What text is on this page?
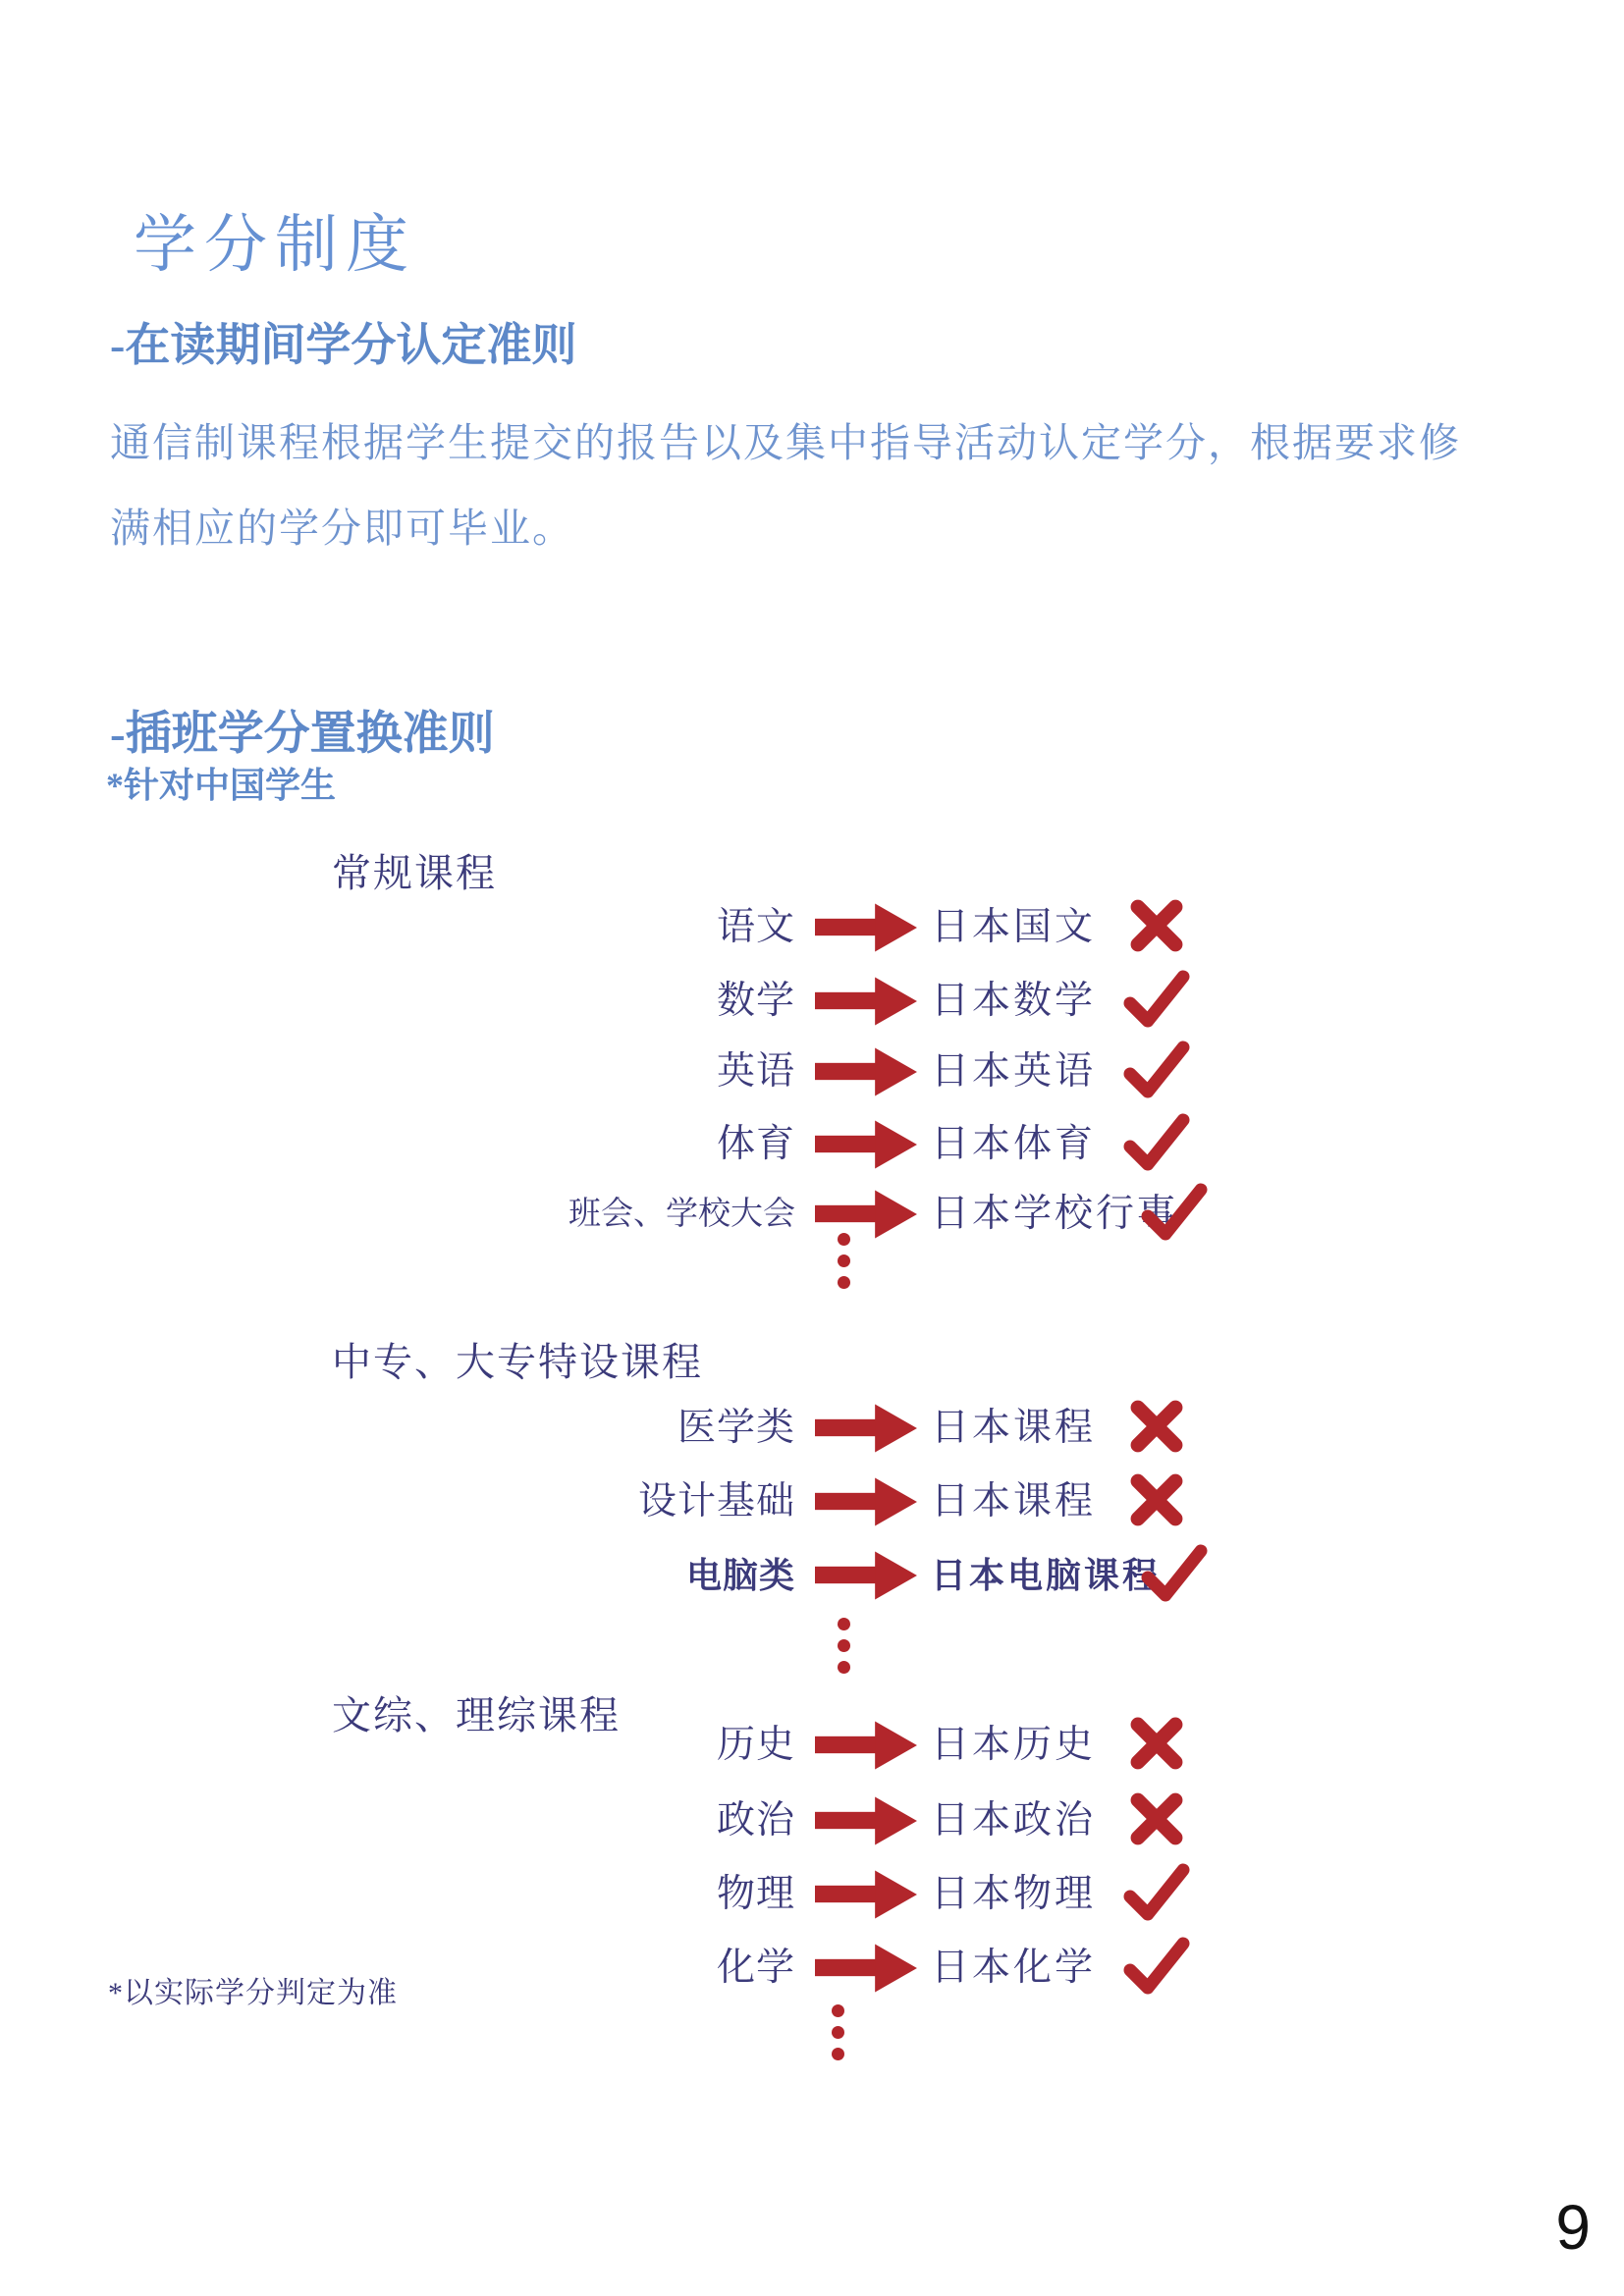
学分制度
-在读期间学分认定准则
通信制课程根据学生提交的报告以及集中指导活动认定学分，根据要求修
满相应的学分即可毕业。
-插班学分置换准则
*针对中国学生
常规课程
语文	日本国文
数学	日本数学
英语	日本英语
体育	日本体育
班会、学校大会	日本学校行事
中专、大专特设课程
医学类	日本课程
设计基础	日本课程
电脑类	日本电脑课程
文综、理综课程
历史	日本历史
政治	日本政治
物理	日本物理
化学	日本化学
*以实际学分判定为准
9
